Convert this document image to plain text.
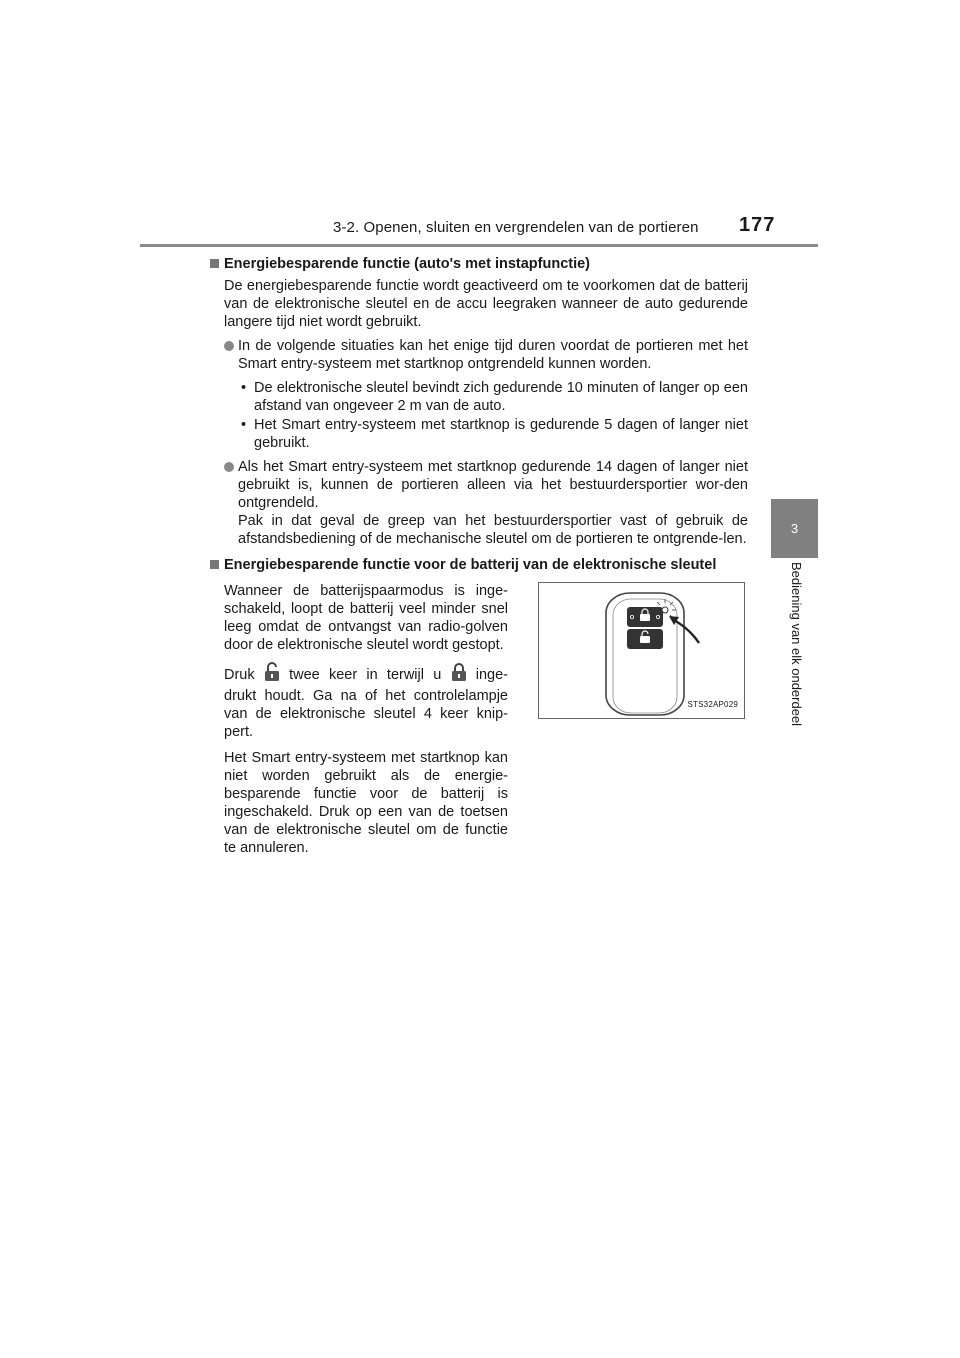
3-2. Openen, sluiten en vergrendelen van de portieren 177
3
Bediening van elk onderdeel
Energiebesparende functie (auto's met instapfunctie)

De energiebesparende functie wordt geactiveerd om te voorkomen dat de batterij van de elektronische sleutel en de accu leegraken wanneer de auto gedurende langere tijd niet wordt gebruikt.

In de volgende situaties kan het enige tijd duren voordat de portieren met het Smart entry-systeem met startknop ontgrendeld kunnen worden.
• De elektronische sleutel bevindt zich gedurende 10 minuten of langer op een afstand van ongeveer 2 m van de auto.
• Het Smart entry-systeem met startknop is gedurende 5 dagen of langer niet gebruikt.
Als het Smart entry-systeem met startknop gedurende 14 dagen of langer niet gebruikt is, kunnen de portieren alleen via het bestuurdersportier wor-den ontgrendeld.
Pak in dat geval de greep van het bestuurdersportier vast of gebruik de afstandsbediening of de mechanische sleutel om de portieren te ontgrende-len.
Energiebesparende functie voor de batterij van de elektronische sleutel

Wanneer de batterijspaarmodus is inge-schakeld, loopt de batterij veel minder snel leeg omdat de ontvangst van radio-golven door de elektronische sleutel wordt gestopt.

Druk twee keer in terwijl u inge-
drukt houdt. Ga na of het controlelampje van de elektronische sleutel 4 keer knip-pert.

Het Smart entry-systeem met startknop kan niet worden gebruikt als de energie-besparende functie voor de batterij is ingeschakeld. Druk op een van de toetsen van de elektronische sleutel om de functie te annuleren.

STS32AP029
